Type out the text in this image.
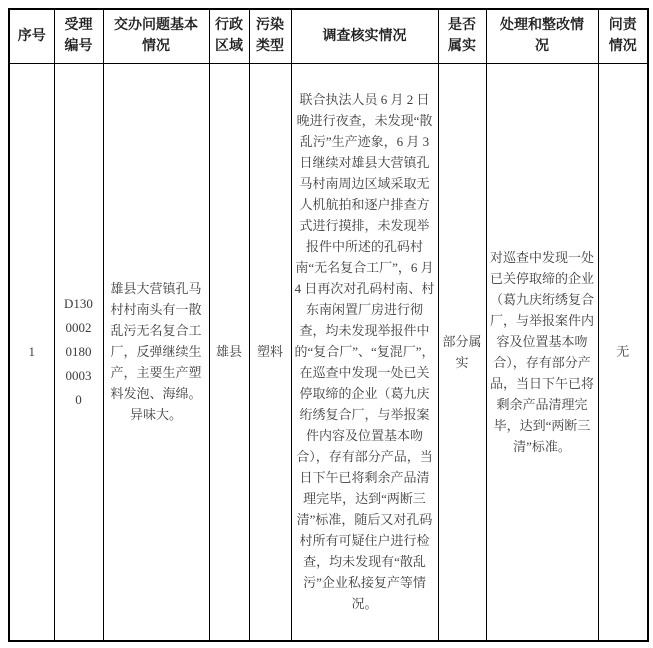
序号	受理编号	交办问题基本情况	行政区域	污染类型	调查核实情况	是否属实	处理和整改情况	问责情况
1	D1300002018000030	雄县大营镇孔马村村南头有一散乱污无名复合工厂，反弹继续生产，主要生产塑料发泡、海绵。异味大。	雄县	塑料	联合执法人员 6 月 2 日晚进行夜查，未发现“散乱污”生产迹象，6 月 3 日继续对雄县大营镇孔马村南周边区域采取无人机航拍和逐户排查方式进行摸排，未发现举报件中所述的孔码村南“无名复合工厂”，6 月 4 日再次对孔码村南、村东南闲置厂房进行彻查，均未发现举报件中的“复合厂”、“复混厂”，在巡查中发现一处已关停取缔的企业（葛九庆绗绣复合厂，与举报案件内容及位置基本吻合），存有部分产品，当日下午已将剩余产品清理完毕，达到“两断三清”标准，随后又对孔码村所有可疑住户进行检查，均未发现有“散乱污”企业私接复产等情况。	部分属实	对巡查中发现一处已关停取缔的企业（葛九庆绗绣复合厂，与举报案件内容及位置基本吻合），存有部分产品，当日下午已将剩余产品清理完毕，达到“两断三清”标准。	无
